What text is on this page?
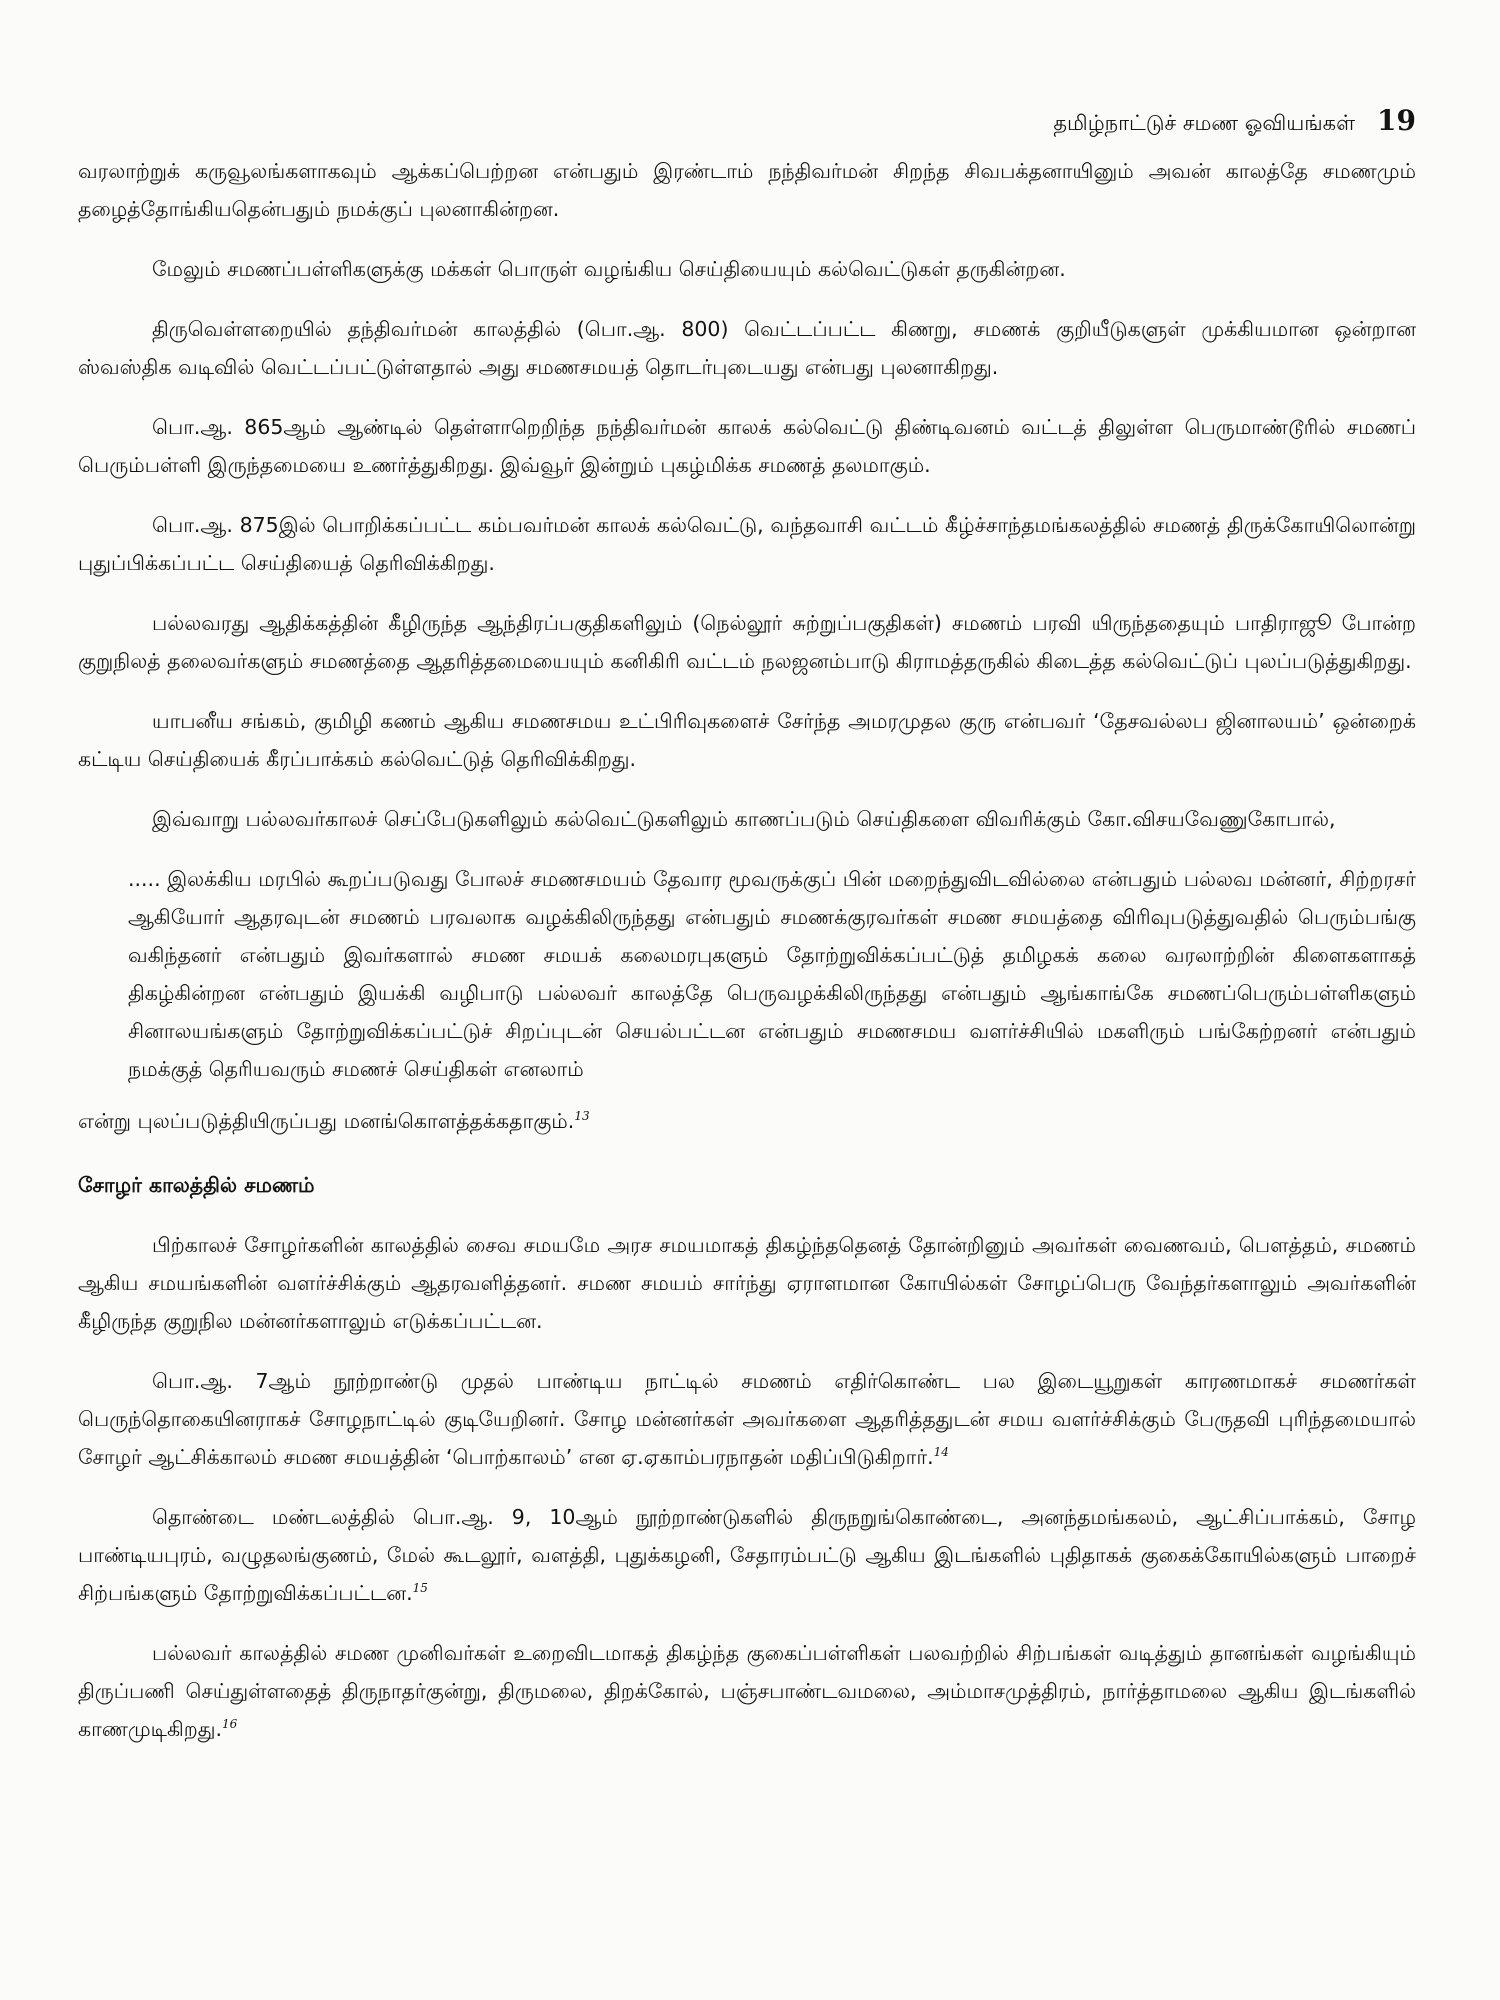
தமிழ்நாட்டுச் சமண ஓவியங்கள் 19

வரலாற்றுக் கருவூலங்களாகவும் ஆக்கப்பெற்றன என்பதும் இரண்டாம் நந்திவர்மன் சிறந்த சிவபக்தனாயினும் அவன் காலத்தே சமணமும் தழைத்தோங்கியதென்பதும் நமக்குப் புலனாகின்றன.

மேலும் சமணப்பள்ளிகளுக்கு மக்கள் பொருள் வழங்கிய செய்தியையும் கல்வெட்டுகள் தருகின்றன.

திருவெள்ளறையில் தந்திவர்மன் காலத்தில் (பொ.ஆ. 800) வெட்டப்பட்ட கிணறு, சமணக் குறியீடுகளுள் முக்கியமான ஒன்றான ஸ்வஸ்திக வடிவில் வெட்டப்பட்டுள்ளதால் அது சமணசமயத் தொடர்புடையது என்பது புலனாகிறது.

பொ.ஆ. 865ஆம் ஆண்டில் தெள்ளாறெறிந்த நந்திவர்மன் காலக் கல்வெட்டு திண்டிவனம் வட்டத் திலுள்ள பெருமாண்டூரில் சமணப் பெரும்பள்ளி இருந்தமையை உணர்த்துகிறது. இவ்வூர் இன்றும் புகழ்மிக்க சமணத் தலமாகும்.

பொ.ஆ. 875இல் பொறிக்கப்பட்ட கம்பவர்மன் காலக் கல்வெட்டு, வந்தவாசி வட்டம் கீழ்ச்சாந்தமங்கலத்தில் சமணத் திருக்கோயிலொன்று புதுப்பிக்கப்பட்ட செய்தியைத் தெரிவிக்கிறது.

பல்லவரது ஆதிக்கத்தின் கீழிருந்த ஆந்திரப்பகுதிகளிலும் (நெல்லூர் சுற்றுப்பகுதிகள்) சமணம் பரவி யிருந்ததையும் பாதிராஜூ போன்ற குறுநிலத் தலைவர்களும் சமணத்தை ஆதரித்தமையையும் கனிகிரி வட்டம் நலஜனம்பாடு கிராமத்தருகில் கிடைத்த கல்வெட்டுப் புலப்படுத்துகிறது.

யாபனீய சங்கம், குமிழி கணம் ஆகிய சமணசமய உட்பிரிவுகளைச் சேர்ந்த அமரமுதல குரு என்பவர் ‘தேசவல்லப ஜினாலயம்’ ஒன்றைக் கட்டிய செய்தியைக் கீரப்பாக்கம் கல்வெட்டுத் தெரிவிக்கிறது.

இவ்வாறு பல்லவர்காலச் செப்பேடுகளிலும் கல்வெட்டுகளிலும் காணப்படும் செய்திகளை விவரிக்கும் கோ.விசயவேணுகோபால்,

..... இலக்கிய மரபில் கூறப்படுவது போலச் சமணசமயம் தேவார மூவருக்குப் பின் மறைந்துவிடவில்லை என்பதும் பல்லவ மன்னர், சிற்றரசர் ஆகியோர் ஆதரவுடன் சமணம் பரவலாக வழக்கிலிருந்தது என்பதும் சமணக்குரவர்கள் சமண சமயத்தை விரிவுபடுத்துவதில் பெரும்பங்கு வகிந்தனர் என்பதும் இவர்களால் சமண சமயக் கலைமரபுகளும் தோற்றுவிக்கப்பட்டுத் தமிழகக் கலை வரலாற்றின் கிளைகளாகத் திகழ்கின்றன என்பதும் இயக்கி வழிபாடு பல்லவர் காலத்தே பெருவழக்கிலிருந்தது என்பதும் ஆங்காங்கே சமணப்பெரும்பள்ளிகளும் சினாலயங்களும் தோற்றுவிக்கப்பட்டுச் சிறப்புடன் செயல்பட்டன என்பதும் சமணசமய வளர்ச்சியில் மகளிரும் பங்கேற்றனர் என்பதும் நமக்குத் தெரியவரும் சமணச் செய்திகள் எனலாம்

என்று புலப்படுத்தியிருப்பது மனங்கொளத்தக்கதாகும்.$^{13}$

சோழர் காலத்தில் சமணம்

பிற்காலச் சோழர்களின் காலத்தில் சைவ சமயமே அரச சமயமாகத் திகழ்ந்ததெனத் தோன்றினும் அவர்கள் வைணவம், பௌத்தம், சமணம் ஆகிய சமயங்களின் வளர்ச்சிக்கும் ஆதரவளித்தனர். சமண சமயம் சார்ந்து ஏராளமான கோயில்கள் சோழப்பெரு வேந்தர்களாலும் அவர்களின் கீழிருந்த குறுநில மன்னர்களாலும் எடுக்கப்பட்டன.

பொ.ஆ. 7ஆம் நூற்றாண்டு முதல் பாண்டிய நாட்டில் சமணம் எதிர்கொண்ட பல இடையூறுகள் காரணமாகச் சமணர்கள் பெருந்தொகையினராகச் சோழநாட்டில் குடியேறினர். சோழ மன்னர்கள் அவர்களை ஆதரித்ததுடன் சமய வளர்ச்சிக்கும் பேருதவி புரிந்தமையால் சோழர் ஆட்சிக்காலம் சமண சமயத்தின் ‘பொற்காலம்’ என ஏ.ஏகாம்பரநாதன் மதிப்பிடுகிறார்.$^{14}$

தொண்டை மண்டலத்தில் பொ.ஆ. 9, 10ஆம் நூற்றாண்டுகளில் திருநறுங்கொண்டை, அனந்தமங்கலம், ஆட்சிப்பாக்கம், சோழ பாண்டியபுரம், வழுதலங்குணம், மேல் கூடலூர், வளத்தி, புதுக்கழனி, சேதாரம்பட்டு ஆகிய இடங்களில் புதிதாகக் குகைக்கோயில்களும் பாறைச் சிற்பங்களும் தோற்றுவிக்கப்பட்டன.$^{15}$

பல்லவர் காலத்தில் சமண முனிவர்கள் உறைவிடமாகத் திகழ்ந்த குகைப்பள்ளிகள் பலவற்றில் சிற்பங்கள் வடித்தும் தானங்கள் வழங்கியும் திருப்பணி செய்துள்ளதைத் திருநாதர்குன்று, திருமலை, திறக்கோல், பஞ்சபாண்டவமலை, அம்மாசமுத்திரம், நார்த்தாமலை ஆகிய இடங்களில் காணமுடிகிறது.$^{16}$
